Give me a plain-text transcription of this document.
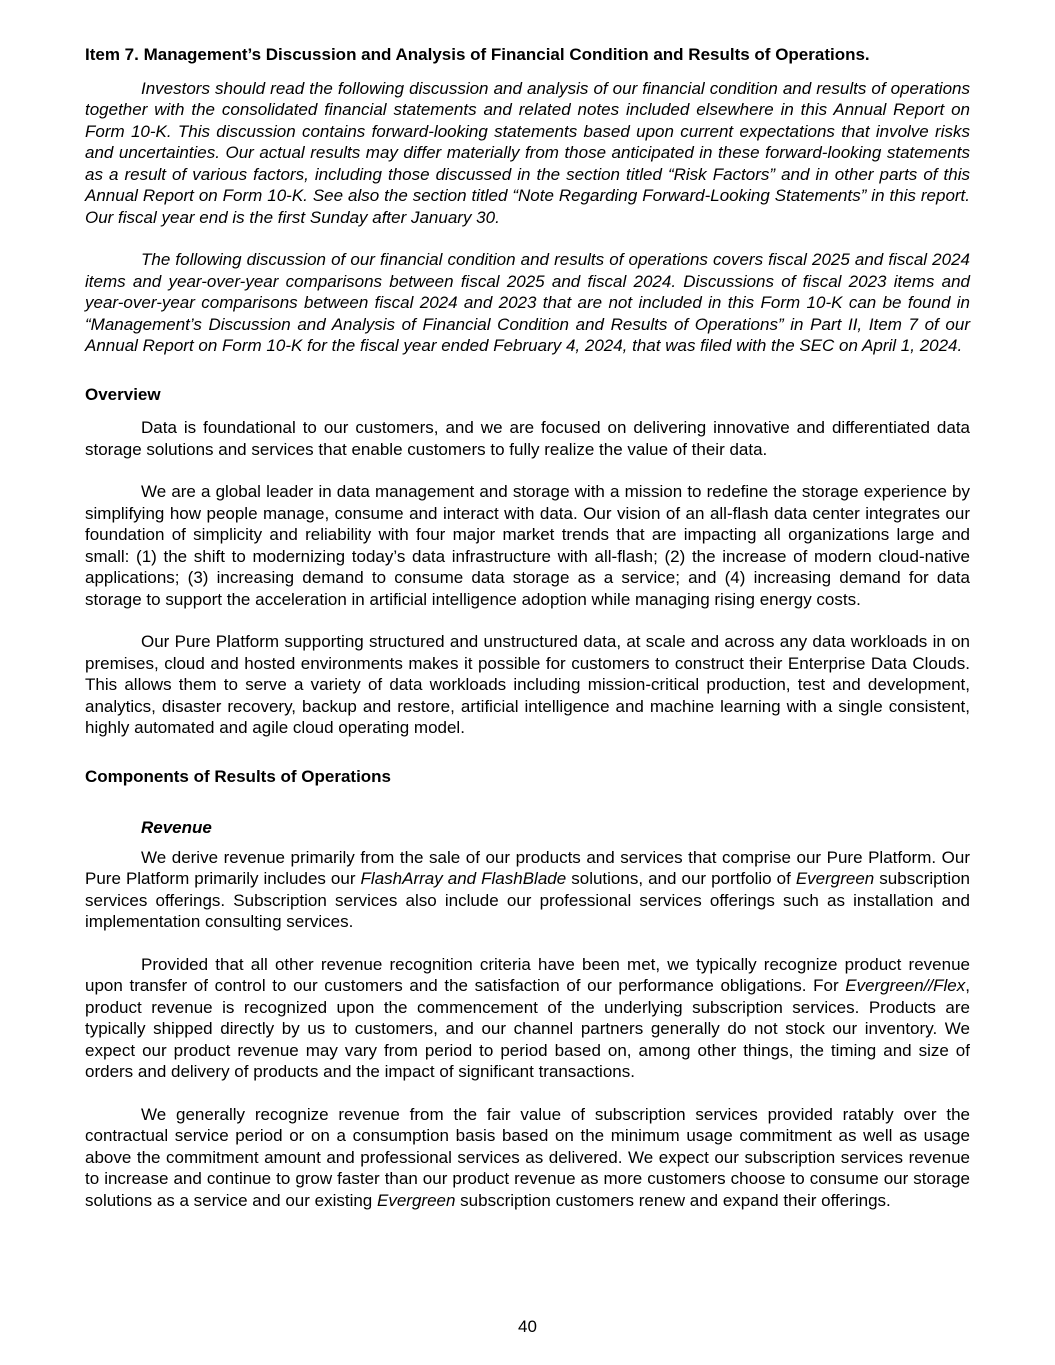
Item 7. Management’s Discussion and Analysis of Financial Condition and Results of Operations.

Investors should read the following discussion and analysis of our financial condition and results of operations together with the consolidated financial statements and related notes included elsewhere in this Annual Report on Form 10-K. This discussion contains forward-looking statements based upon current expectations that involve risks and uncertainties. Our actual results may differ materially from those anticipated in these forward-looking statements as a result of various factors, including those discussed in the section titled “Risk Factors” and in other parts of this Annual Report on Form 10-K. See also the section titled “Note Regarding Forward-Looking Statements” in this report. Our fiscal year end is the first Sunday after January 30.

The following discussion of our financial condition and results of operations covers fiscal 2025 and fiscal 2024 items and year-over-year comparisons between fiscal 2025 and fiscal 2024. Discussions of fiscal 2023 items and year-over-year comparisons between fiscal 2024 and 2023 that are not included in this Form 10-K can be found in “Management’s Discussion and Analysis of Financial Condition and Results of Operations” in Part II, Item 7 of our Annual Report on Form 10-K for the fiscal year ended February 4, 2024, that was filed with the SEC on April 1, 2024.

Overview

Data is foundational to our customers, and we are focused on delivering innovative and differentiated data storage solutions and services that enable customers to fully realize the value of their data.

We are a global leader in data management and storage with a mission to redefine the storage experience by simplifying how people manage, consume and interact with data. Our vision of an all-flash data center integrates our foundation of simplicity and reliability with four major market trends that are impacting all organizations large and small: (1) the shift to modernizing today’s data infrastructure with all-flash; (2) the increase of modern cloud-native applications; (3) increasing demand to consume data storage as a service; and (4) increasing demand for data storage to support the acceleration in artificial intelligence adoption while managing rising energy costs.

Our Pure Platform supporting structured and unstructured data, at scale and across any data workloads in on premises, cloud and hosted environments makes it possible for customers to construct their Enterprise Data Clouds. This allows them to serve a variety of data workloads including mission-critical production, test and development, analytics, disaster recovery, backup and restore, artificial intelligence and machine learning with a single consistent, highly automated and agile cloud operating model.

Components of Results of Operations

Revenue

We derive revenue primarily from the sale of our products and services that comprise our Pure Platform. Our Pure Platform primarily includes our FlashArray and FlashBlade solutions, and our portfolio of Evergreen subscription services offerings. Subscription services also include our professional services offerings such as installation and implementation consulting services.

Provided that all other revenue recognition criteria have been met, we typically recognize product revenue upon transfer of control to our customers and the satisfaction of our performance obligations. For Evergreen//Flex, product revenue is recognized upon the commencement of the underlying subscription services. Products are typically shipped directly by us to customers, and our channel partners generally do not stock our inventory. We expect our product revenue may vary from period to period based on, among other things, the timing and size of orders and delivery of products and the impact of significant transactions.

We generally recognize revenue from the fair value of subscription services provided ratably over the contractual service period or on a consumption basis based on the minimum usage commitment as well as usage above the commitment amount and professional services as delivered. We expect our subscription services revenue to increase and continue to grow faster than our product revenue as more customers choose to consume our storage solutions as a service and our existing Evergreen subscription customers renew and expand their offerings.

40
